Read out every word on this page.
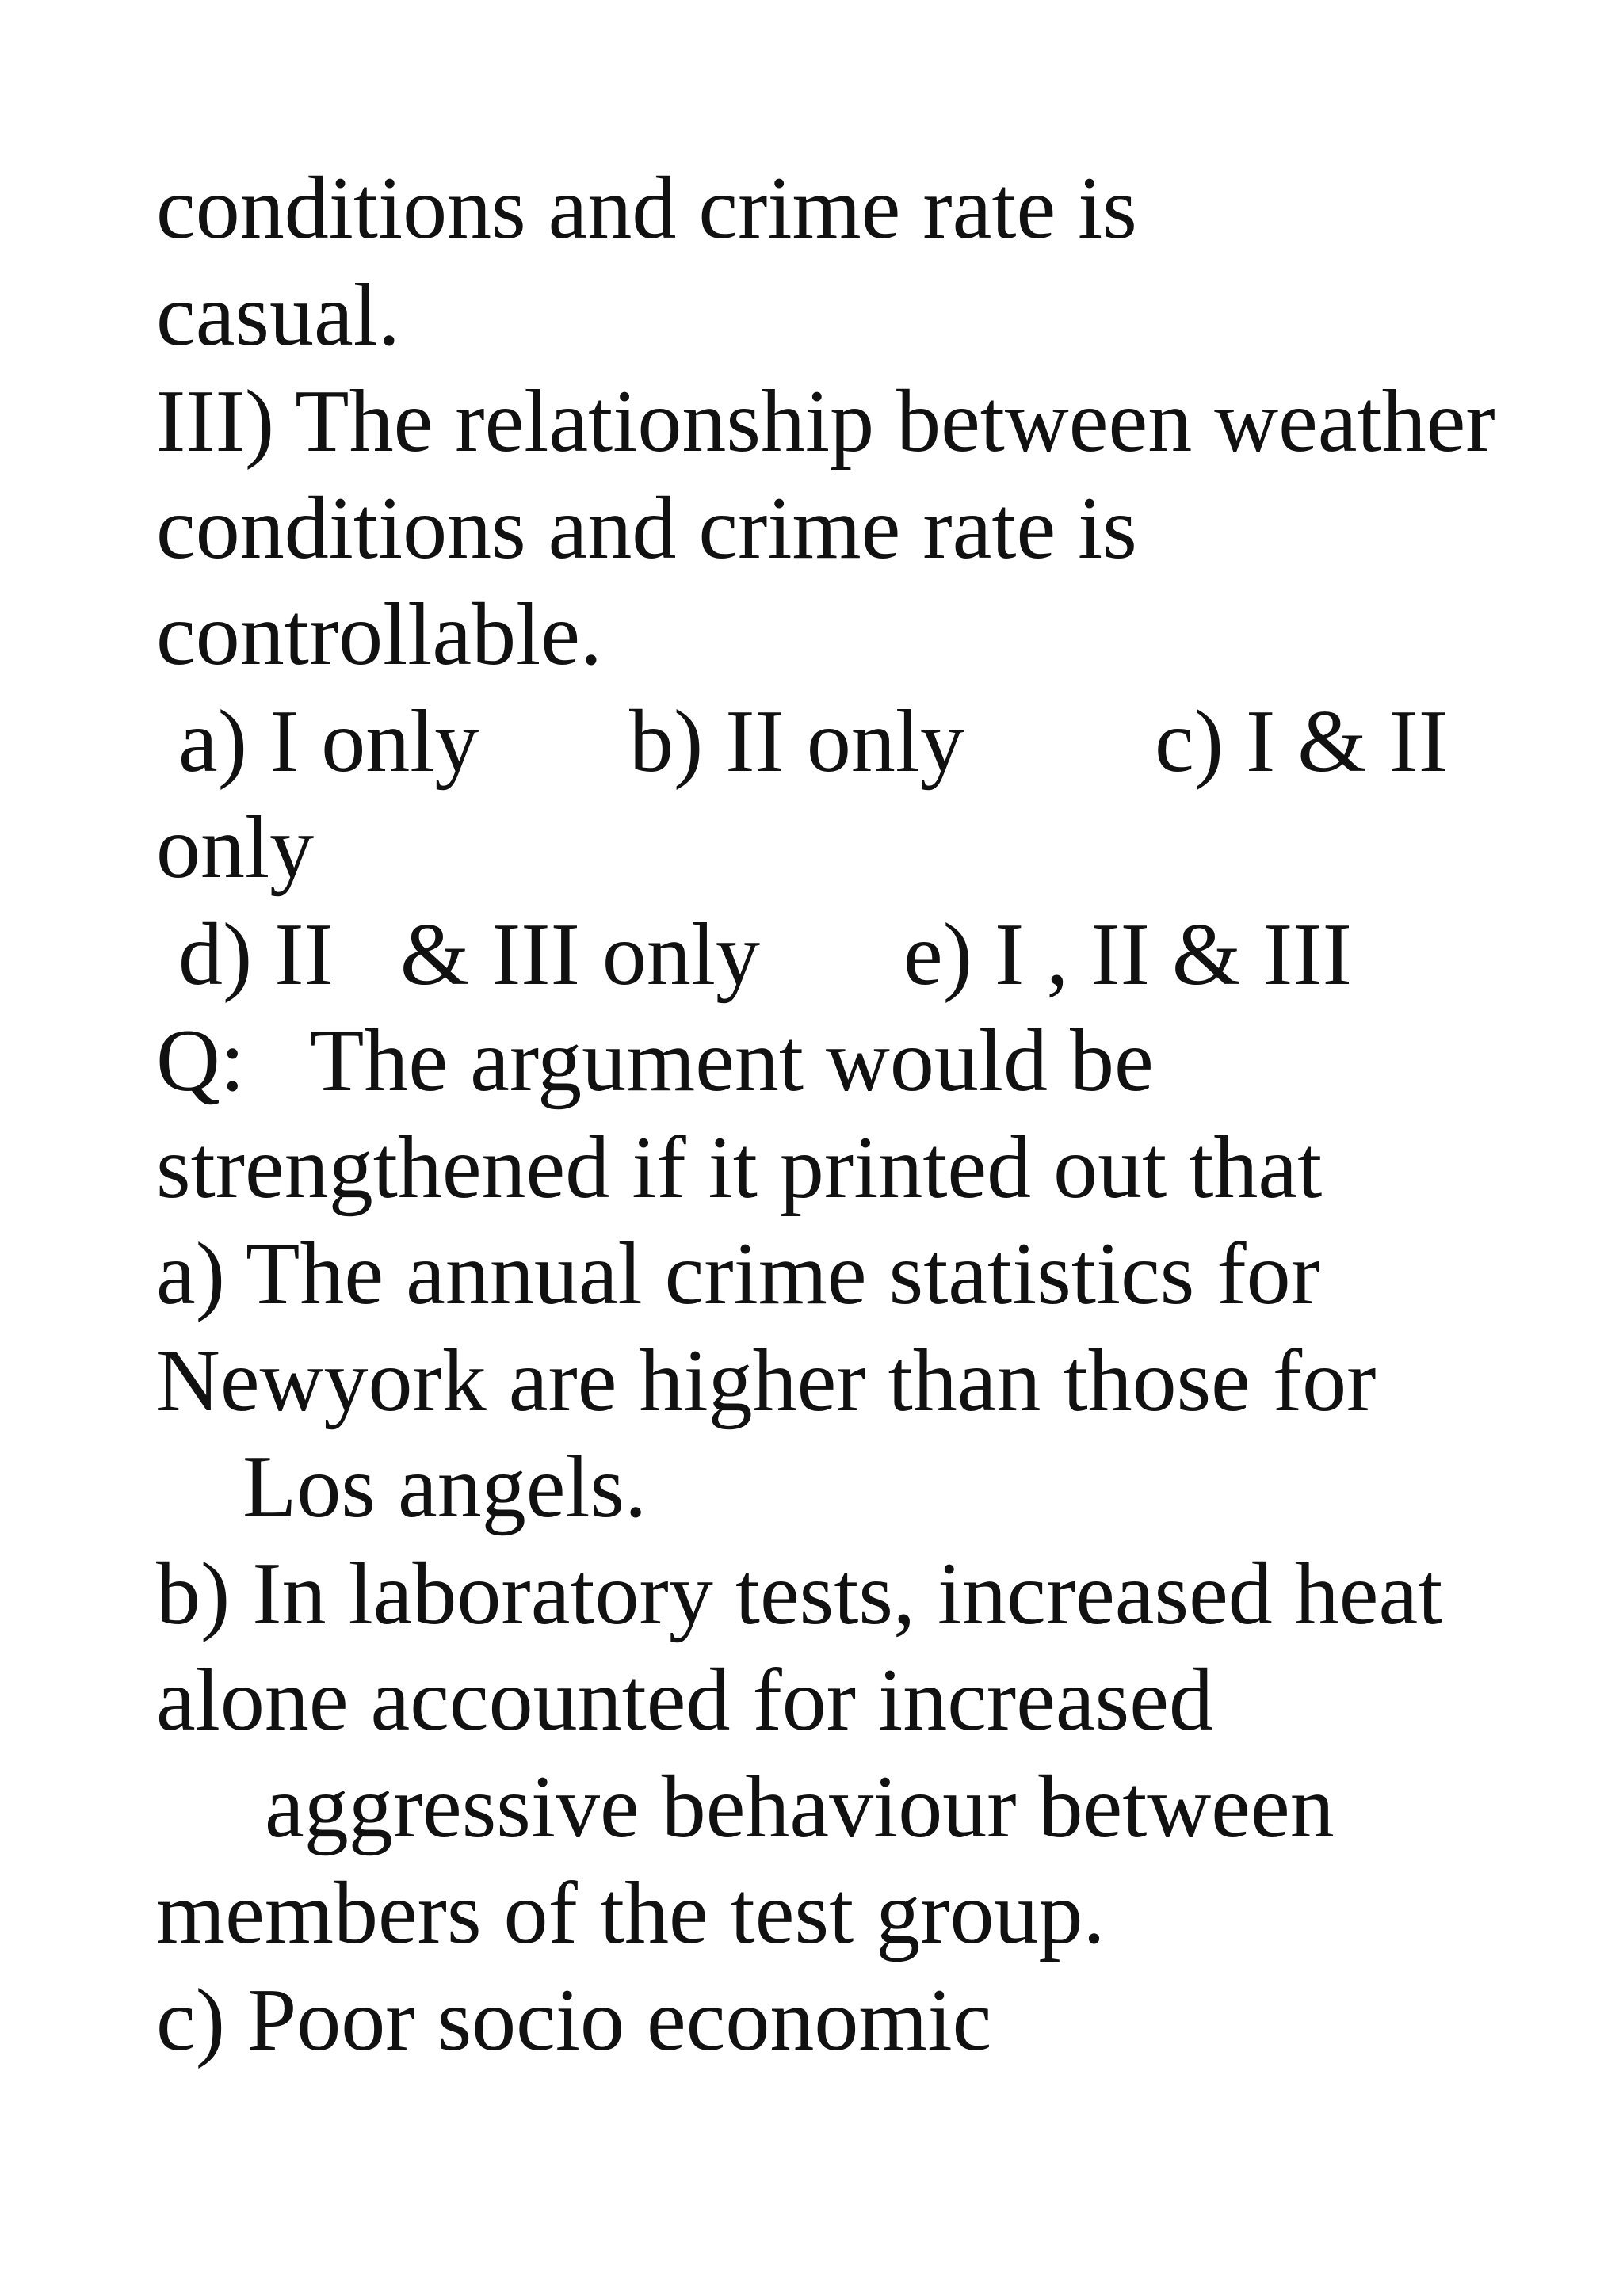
conditions and crime rate is

casual.

III) The relationship between weather

conditions and crime rate is

controllable.

a) I only

b) II only

c) I & II

only

d) II   & III only

e) I , II & III

Q:   The argument would be

strengthened if it printed out that

a) The annual crime statistics for

Newyork are higher than those for

Los angels.

b) In laboratory tests, increased heat

alone accounted for increased

aggressive behaviour between

members of the test group.

c) Poor socio economic
